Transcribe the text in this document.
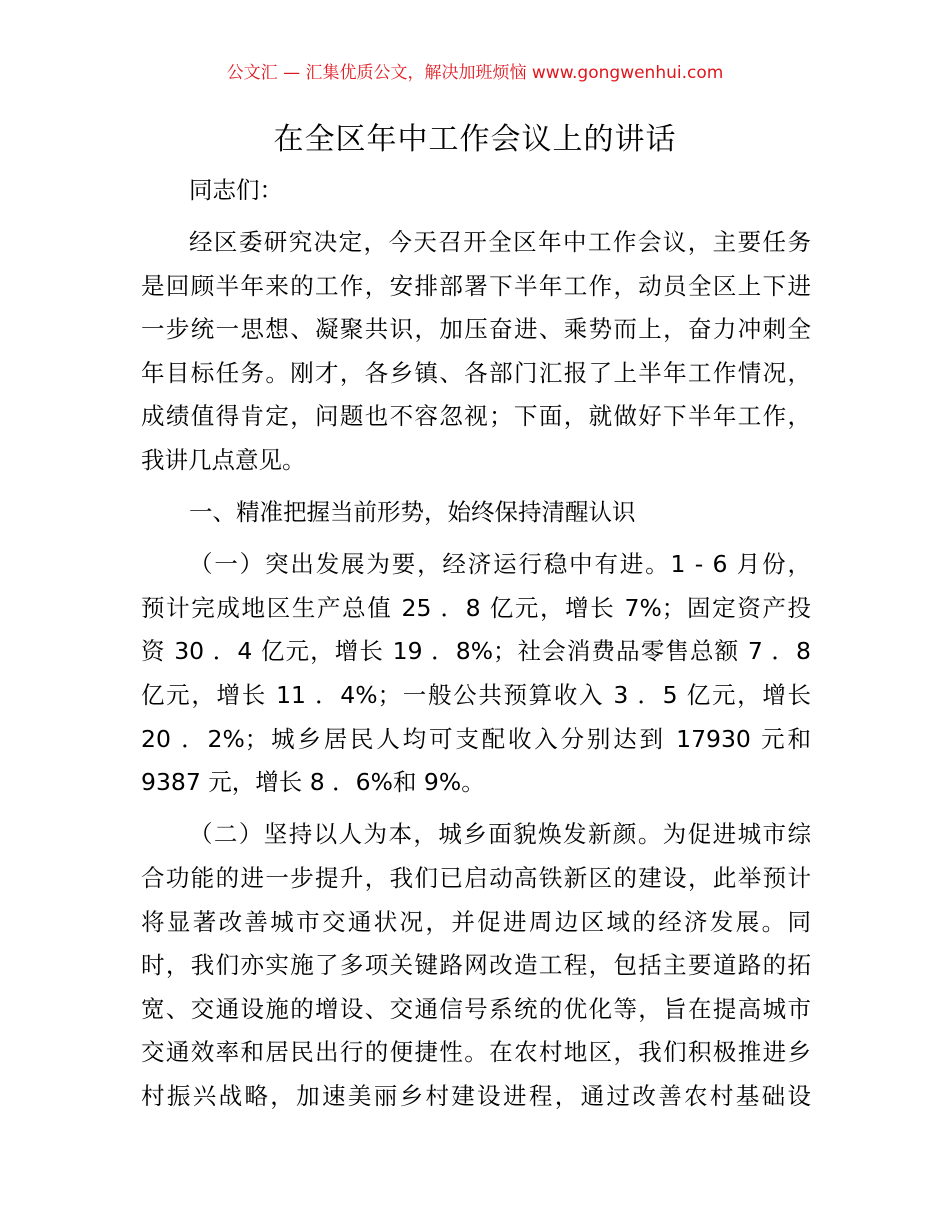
公文汇 — 汇集优质公文，解决加班烦恼 www.gongwenhui.com
在全区年中工作会议上的讲话
同志们：
经区委研究决定，今天召开全区年中工作会议，主要任务
是回顾半年来的工作，安排部署下半年工作，动员全区上下进
一步统一思想、凝聚共识，加压奋进、乘势而上，奋力冲刺全
年目标任务。刚才，各乡镇、各部门汇报了上半年工作情况，
成绩值得肯定，问题也不容忽视；下面，就做好下半年工作，
我讲几点意见。
一、精准把握当前形势，始终保持清醒认识
（一）突出发展为要，经济运行稳中有进。1 - 6 月份，
预计完成地区生产总值 25 ．8 亿元，增长 7%；固定资产投
资 30 ．4 亿元，增长 19 ．8%；社会消费品零售总额 7 ．8
亿元，增长 11 ．4%；一般公共预算收入 3 ．5 亿元，增长
20 ．2%；城乡居民人均可支配收入分别达到 17930 元和
9387 元，增长 8 ．6%和 9%。
（二）坚持以人为本，城乡面貌焕发新颜。为促进城市综
合功能的进一步提升，我们已启动高铁新区的建设，此举预计
将显著改善城市交通状况，并促进周边区域的经济发展。同
时，我们亦实施了多项关键路网改造工程，包括主要道路的拓
宽、交通设施的增设、交通信号系统的优化等，旨在提高城市
交通效率和居民出行的便捷性。在农村地区，我们积极推进乡
村振兴战略，加速美丽乡村建设进程，通过改善农村基础设
